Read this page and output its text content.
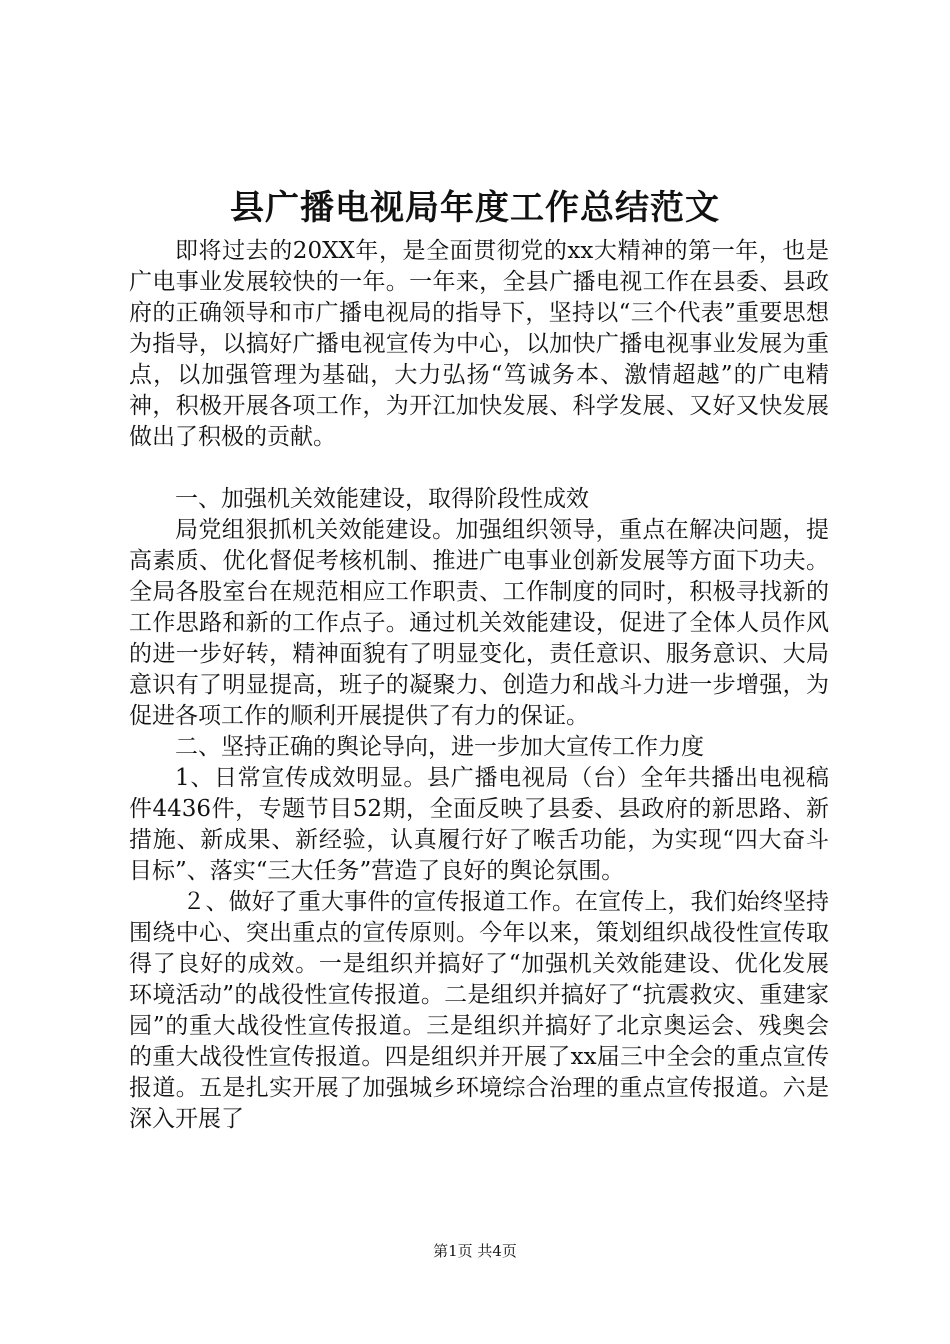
县广播电视局年度工作总结范文

即将过去的20XX年，是全面贯彻党的xx大精神的第一年，也是广电事业发展较快的一年。一年来，全县广播电视工作在县委、县政府的正确领导和市广播电视局的指导下，坚持以“三个代表”重要思想为指导，以搞好广播电视宣传为中心，以加快广播电视事业发展为重点，以加强管理为基础，大力弘扬“笃诚务本、激情超越”的广电精神，积极开展各项工作，为开江加快发展、科学发展、又好又快发展做出了积极的贡献。

一、加强机关效能建设，取得阶段性成效

局党组狠抓机关效能建设。加强组织领导，重点在解决问题，提高素质、优化督促考核机制、推进广电事业创新发展等方面下功夫。全局各股室台在规范相应工作职责、工作制度的同时，积极寻找新的工作思路和新的工作点子。通过机关效能建设，促进了全体人员作风的进一步好转，精神面貌有了明显变化，责任意识、服务意识、大局意识有了明显提高，班子的凝聚力、创造力和战斗力进一步增强，为促进各项工作的顺利开展提供了有力的保证。

二、坚持正确的舆论导向，进一步加大宣传工作力度

1、日常宣传成效明显。县广播电视局（台）全年共播出电视稿件4436件，专题节目52期，全面反映了县委、县政府的新思路、新措施、新成果、新经验，认真履行好了喉舌功能，为实现“四大奋斗目标”、落实“三大任务”营造了良好的舆论氛围。

２、做好了重大事件的宣传报道工作。在宣传上，我们始终坚持围绕中心、突出重点的宣传原则。今年以来，策划组织战役性宣传取得了良好的成效。一是组织并搞好了“加强机关效能建设、优化发展环境活动”的战役性宣传报道。二是组织并搞好了“抗震救灾、重建家园”的重大战役性宣传报道。三是组织并搞好了北京奥运会、残奥会的重大战役性宣传报道。四是组织并开展了xx届三中全会的重点宣传报道。五是扎实开展了加强城乡环境综合治理的重点宣传报道。六是深入开展了

第1页 共4页
